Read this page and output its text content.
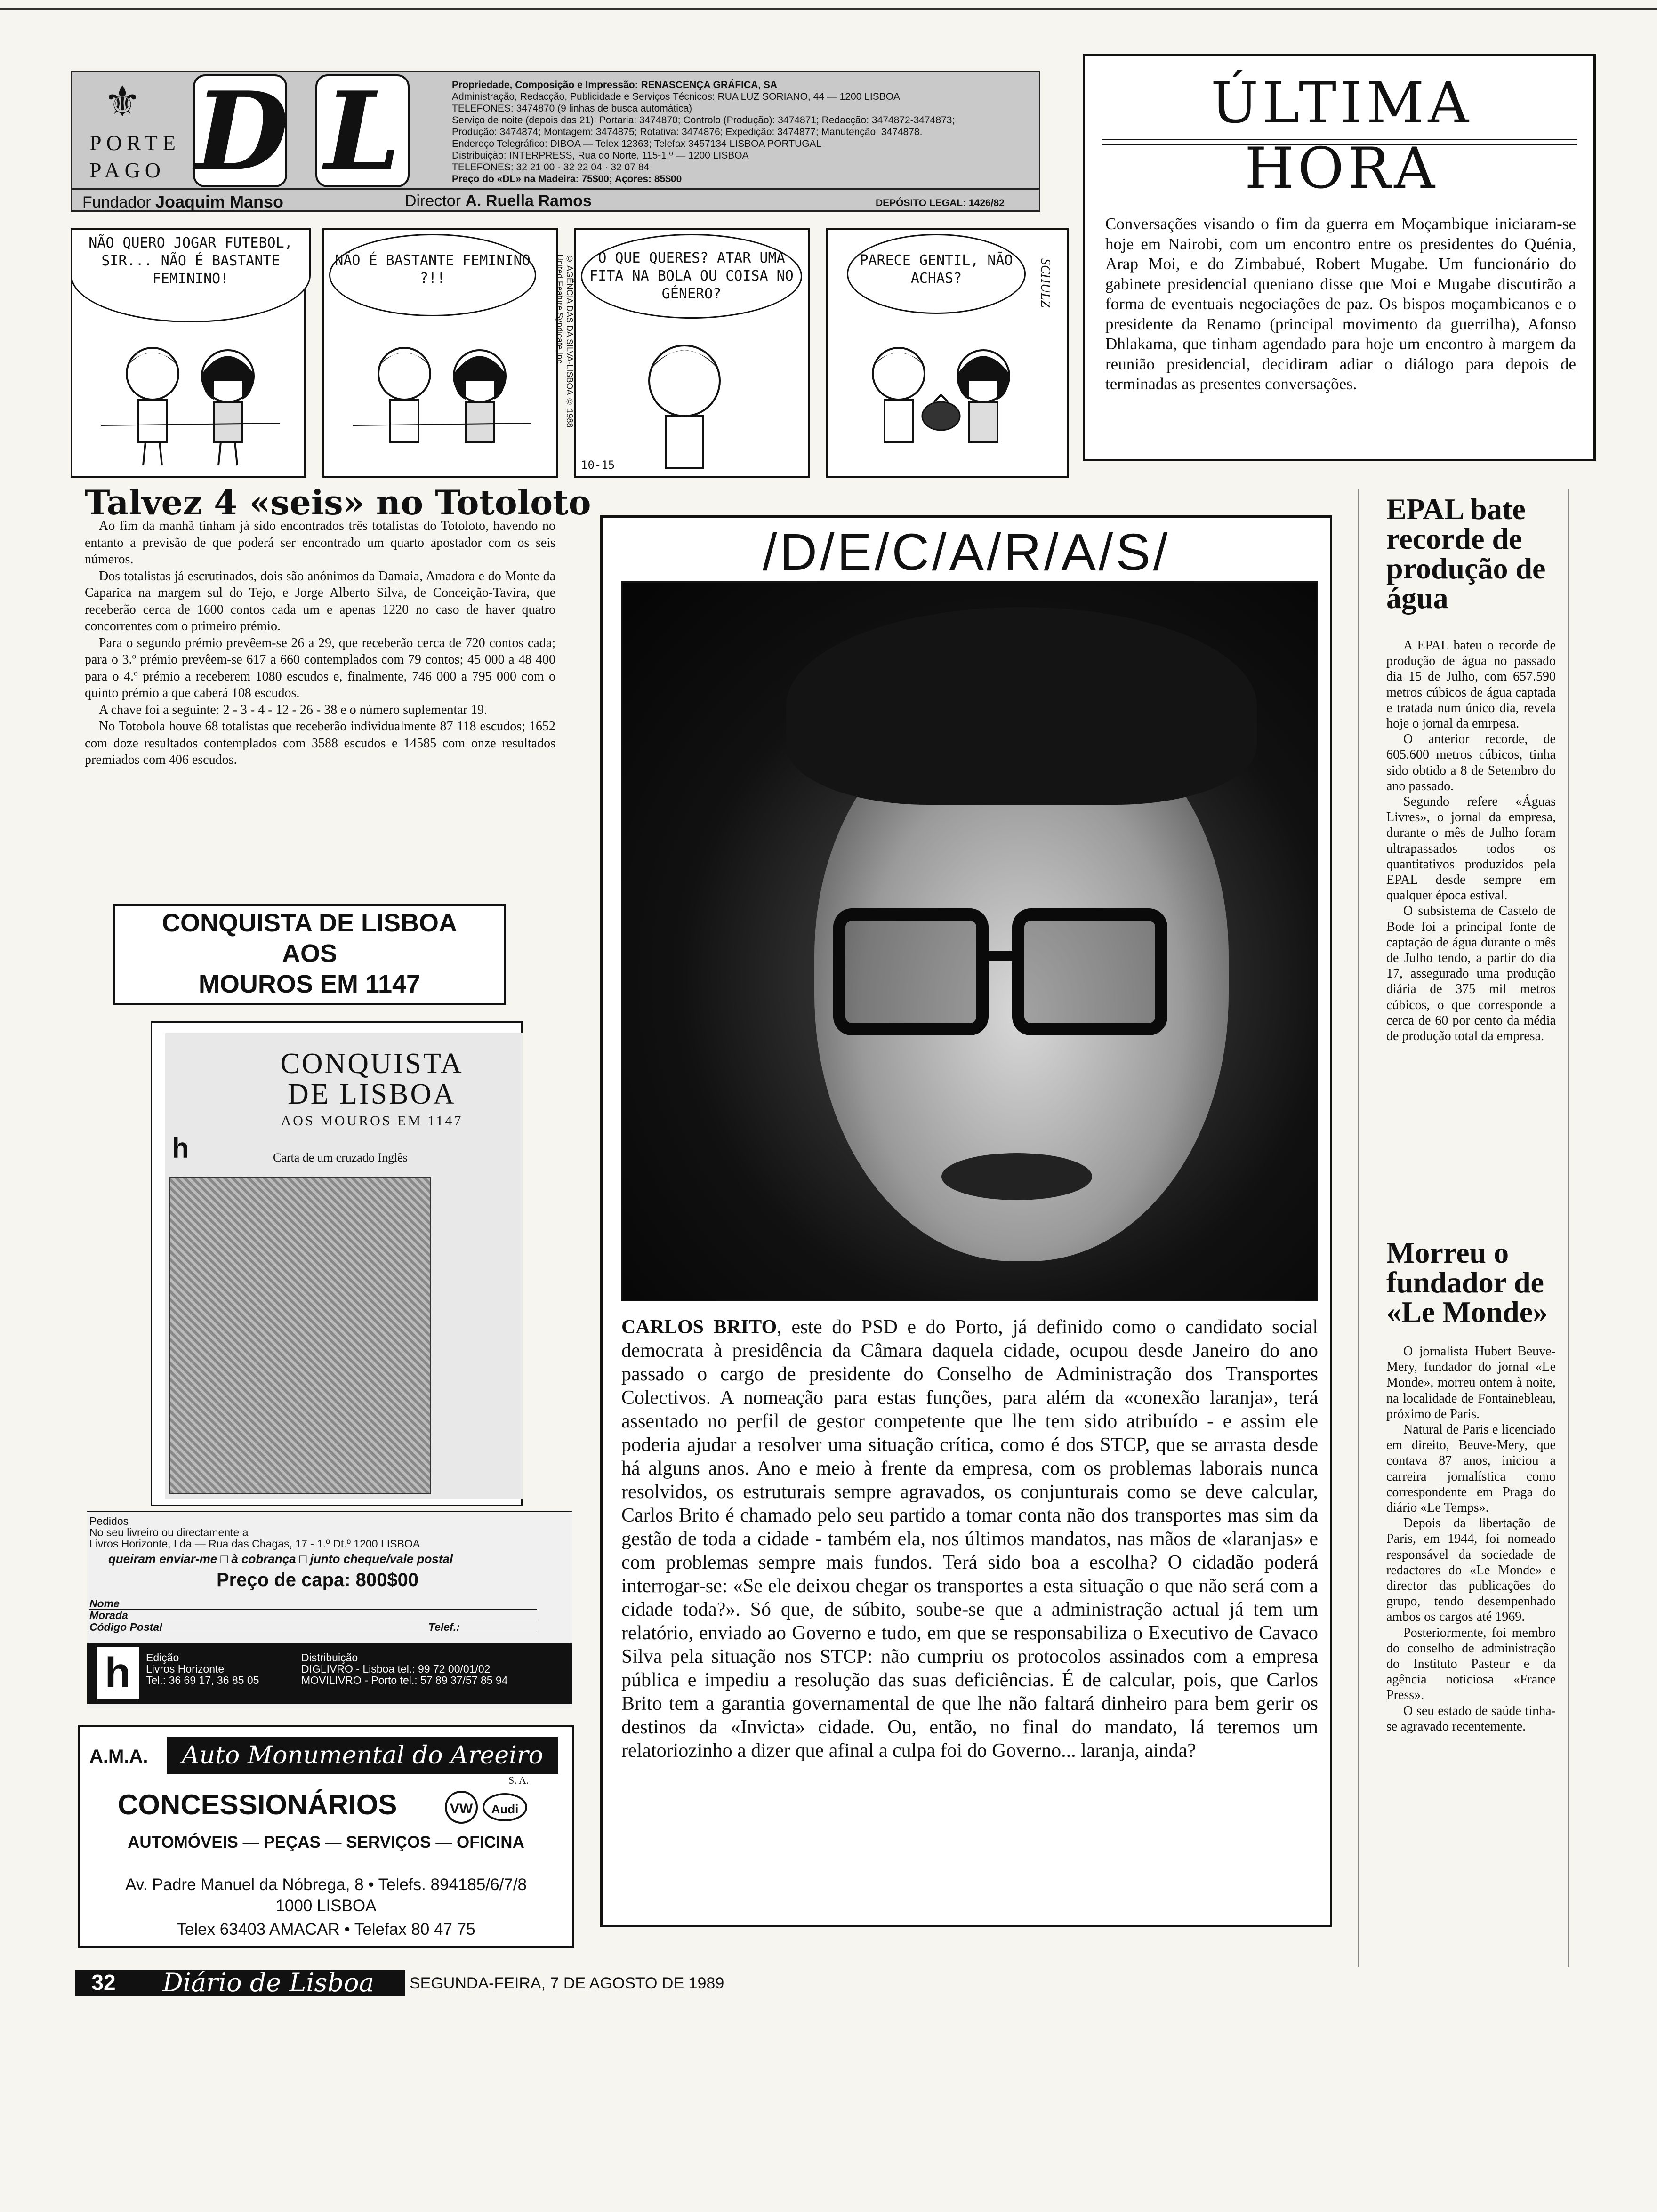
⚜
PORTE
PAGO D L	Propriedade, Composição e Impressão: RENASCENÇA GRÁFICA, SA
Administração, Redacção, Publicidade e Serviços Técnicos: RUA LUZ SORIANO, 44 — 1200 LISBOA
TELEFONES: 3474870 (9 linhas de busca automática)
Serviço de noite (depois das 21): Portaria: 3474870; Controlo (Produção): 3474871; Redacção: 3474872-3474873;
Produção: 3474874; Montagem: 3474875; Rotativa: 3474876; Expedição: 3474877; Manutenção: 3474878.
Endereço Telegráfico: DIBOA — Telex 12363; Telefax 3457134 LISBOA PORTUGAL
Distribuição: INTERPRESS, Rua do Norte, 115-1.º — 1200 LISBOA
TELEFONES: 32 21 00 · 32 22 04 · 32 07 84
Preço do «DL» na Madeira: 75$00; Açores: 85$00
Fundador Joaquim Manso	Director A. Ruella Ramos	DEPÓSITO LEGAL: 1426/82
NÃO QUERO JOGAR FUTEBOL, SIR... NÃO É BASTANTE FEMININO!
NÃO É BASTANTE FEMININO ?!!	© AGÊNCIA DAS DA SILVA-LISBOA © 1988 United Feature Syndicate,Inc.	O QUE QUERES? ATAR UMA FITA NA BOLA OU COISA NO GÉNERO?
10-15
PARECE GENTIL, NÃO ACHAS?	SCHULZ
ÚLTIMA HORA
Conversações visando o fim da guerra em Moçambique iniciaram-se hoje em Nairobi, com um encontro entre os presidentes do Quénia, Arap Moi, e do Zimbabué, Robert Mugabe. Um funcionário do gabinete presidencial queniano disse que Moi e Mugabe discutirão a forma de eventuais negociações de paz. Os bispos moçambicanos e o presidente da Renamo (principal movimento da guerrilha), Afonso Dhlakama, que tinham agendado para hoje um encontro à margem da reunião presidencial, decidiram adiar o diálogo para depois de terminadas as presentes conversações.
Talvez 4 «seis» no Totoloto

Ao fim da manhã tinham já sido encontrados três totalistas do Totoloto, havendo no entanto a previsão de que poderá ser encontrado um quarto apostador com os seis números.

Dos totalistas já escrutinados, dois são anónimos da Damaia, Amadora e do Monte da Caparica na margem sul do Tejo, e Jorge Alberto Silva, de Conceição-Tavira, que receberão cerca de 1600 contos cada um e apenas 1220 no caso de haver quatro concorrentes com o primeiro prémio.

Para o segundo prémio prevêem-se 26 a 29, que receberão cerca de 720 contos cada; para o 3.º prémio prevêem-se 617 a 660 contemplados com 79 contos; 45 000 a 48 400 para o 4.º prémio a receberem 1080 escudos e, finalmente, 746 000 a 795 000 com o quinto prémio a que caberá 108 escudos.

A chave foi a seguinte: 2 - 3 - 4 - 12 - 26 - 38 e o número suplementar 19.

No Totobola houve 68 totalistas que receberão individualmente 87 118 escudos; 1652 com doze resultados contemplados com 3588 escudos e 14585 com onze resultados premiados com 406 escudos.

CONQUISTA DE LISBOA
AOS
MOUROS EM 1147
CONQUISTA
DE LISBOA
AOS MOUROS EM 1147
h	Carta de um cruzado Inglês
Pedidos
No seu livreiro ou directamente a
Livros Horizonte, Lda — Rua das Chagas, 17 - 1.º Dt.º 1200 LISBOA
queiram enviar-me □ à cobrança □ junto cheque/vale postal
Preço de capa: 800$00
Nome
Morada
Código Postal	Telef.:
h	Edição
Livros Horizonte
Tel.: 36 69 17, 36 85 05
Distribuição
DIGLIVRO - Lisboa tel.: 99 72 00/01/02
MOVILIVRO - Porto tel.: 57 89 37/57 85 94
A.M.A.	Auto Monumental do Areeiro
S. A.
CONCESSIONÁRIOS	VW	Audi
AUTOMÓVEIS — PEÇAS — SERVIÇOS — OFICINA
Av. Padre Manuel da Nóbrega, 8 • Telefs. 894185/6/7/8
1000 LISBOA
Telex 63403 AMACAR • Telefax 80 47 75
/D/E/C/A/R/A/S/
CARLOS BRITO, este do PSD e do Porto, já definido como o candidato social democrata à presidência da Câmara daquela cidade, ocupou desde Janeiro do ano passado o cargo de presidente do Conselho de Administração dos Transportes Colectivos. A nomeação para estas funções, para além da «conexão laranja», terá assentado no perfil de gestor competente que lhe tem sido atribuído - e assim ele poderia ajudar a resolver uma situação crítica, como é dos STCP, que se arrasta desde há alguns anos. Ano e meio à frente da empresa, com os problemas laborais nunca resolvidos, os estruturais sempre agravados, os conjunturais como se deve calcular, Carlos Brito é chamado pelo seu partido a tomar conta não dos transportes mas sim da gestão de toda a cidade - também ela, nos últimos mandatos, nas mãos de «laranjas» e com problemas sempre mais fundos. Terá sido boa a escolha? O cidadão poderá interrogar-se: «Se ele deixou chegar os transportes a esta situação o que não será com a cidade toda?». Só que, de súbito, soube-se que a administração actual já tem um relatório, enviado ao Governo e tudo, em que se responsabiliza o Executivo de Cavaco Silva pela situação nos STCP: não cumpriu os protocolos assinados com a empresa pública e impediu a resolução das suas deficiências. É de calcular, pois, que Carlos Brito tem a garantia governamental de que lhe não faltará dinheiro para bem gerir os destinos da «Invicta» cidade. Ou, então, no final do mandato, lá teremos um relatoriozinho a dizer que afinal a culpa foi do Governo... laranja, ainda?
EPAL bate recorde de produção de água

A EPAL bateu o recorde de produção de água no passado dia 15 de Julho, com 657.590 metros cúbicos de água captada e tratada num único dia, revela hoje o jornal da emrpesa.

O anterior recorde, de 605.600 metros cúbicos, tinha sido obtido a 8 de Setembro do ano passado.

Segundo refere «Águas Livres», o jornal da empresa, durante o mês de Julho foram ultrapassados todos os quantitativos produzidos pela EPAL desde sempre em qualquer época estival.

O subsistema de Castelo de Bode foi a principal fonte de captação de água durante o mês de Julho tendo, a partir do dia 17, assegurado uma produção diária de 375 mil metros cúbicos, o que corresponde a cerca de 60 por cento da média de produção total da empresa.

Morreu o fundador de «Le Monde»

O jornalista Hubert Beuve-Mery, fundador do jornal «Le Monde», morreu ontem à noite, na localidade de Fontainebleau, próximo de Paris.

Natural de Paris e licenciado em direito, Beuve-Mery, que contava 87 anos, iniciou a carreira jornalística como correspondente em Praga do diário «Le Temps».

Depois da libertação de Paris, em 1944, foi nomeado responsável da sociedade de redactores do «Le Monde» e director das publicações do grupo, tendo desempenhado ambos os cargos até 1969.

Posteriormente, foi membro do conselho de administração do Instituto Pasteur e da agência noticiosa «France Press».

O seu estado de saúde tinha-se agravado recentemente.

32	Diário de Lisboa	SEGUNDA-FEIRA, 7 DE AGOSTO DE 1989
